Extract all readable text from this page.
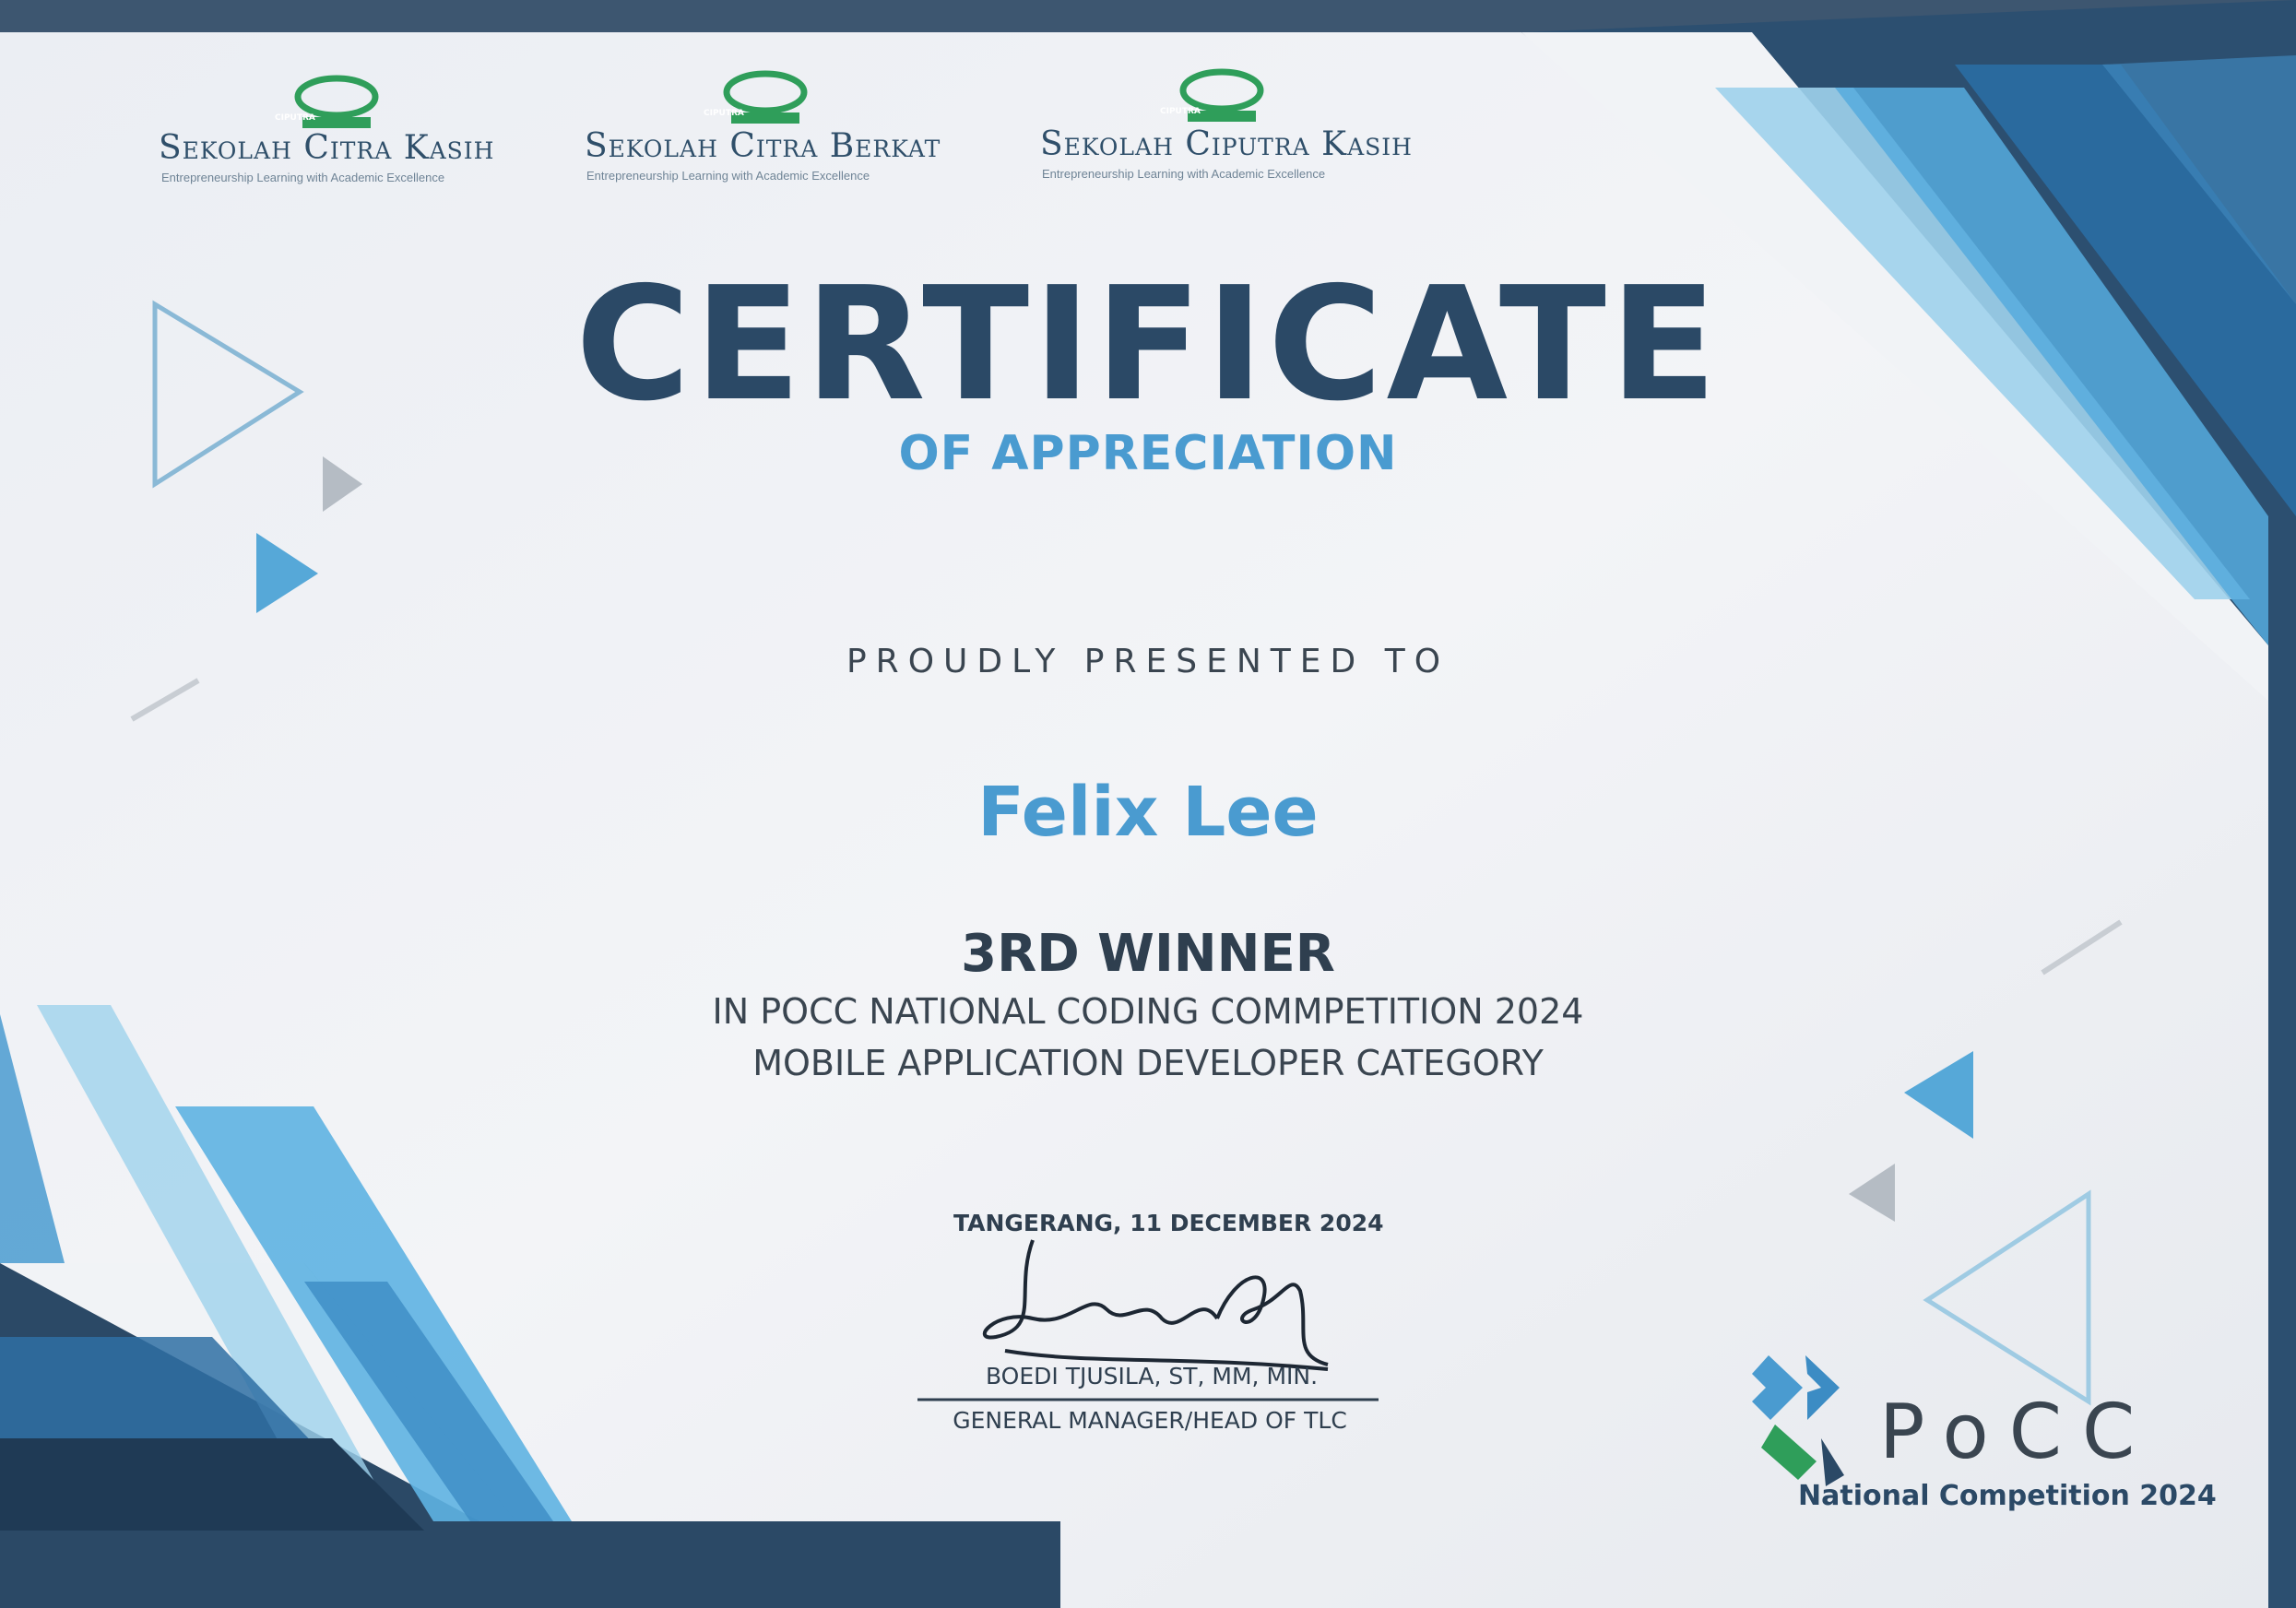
CIPUTRA
Sekolah Citra Kasih
Entrepreneurship Learning with Academic Excellence
CIPUTRA
Sekolah Citra Berkat
Entrepreneurship Learning with Academic Excellence
CIPUTRA
Sekolah Ciputra Kasih
Entrepreneurship Learning with Academic Excellence
CERTIFICATE
OF APPRECIATION
PROUDLY PRESENTED TO
Felix Lee
3RD WINNER
IN POCC NATIONAL CODING COMMPETITION 2024
MOBILE APPLICATION DEVELOPER CATEGORY
TANGERANG, 11 DECEMBER 2024
BOEDI TJUSILA, ST, MM, MIN.
GENERAL MANAGER/HEAD OF TLC	PoCC
National Competition 2024
